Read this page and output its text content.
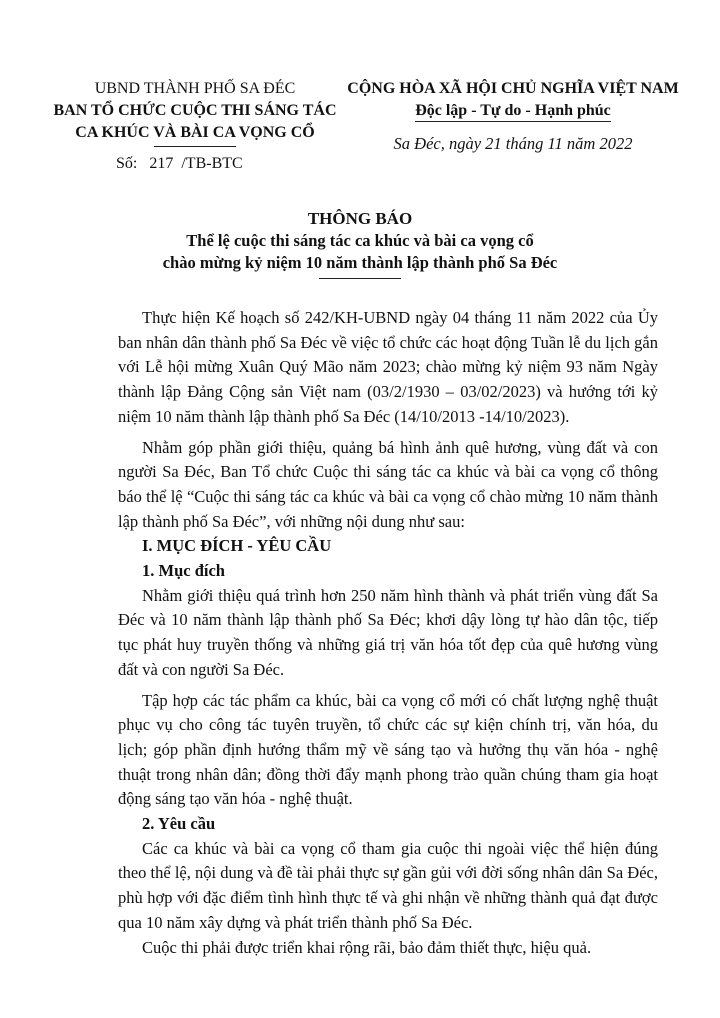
UBND THÀNH PHỐ SA ĐÉC
BAN TỔ CHỨC CUỘC THI SÁNG TÁC
CA KHÚC VÀ BÀI CA VỌNG CỔ
Số:   217  /TB-BTC
CỘNG HÒA XÃ HỘI CHỦ NGHĨA VIỆT NAM
Độc lập - Tự do - Hạnh phúc
Sa Đéc, ngày 21 tháng 11 năm 2022
THÔNG BÁO
Thể lệ cuộc thi sáng tác ca khúc và bài ca vọng cổ
chào mừng kỷ niệm 10 năm thành lập thành phố Sa Đéc

Thực hiện Kế hoạch số 242/KH-UBND ngày 04 tháng 11 năm 2022 của Ủy ban nhân dân thành phố Sa Đéc về việc tổ chức các hoạt động Tuần lễ du lịch gắn với Lễ hội mừng Xuân Quý Mão năm 2023; chào mừng kỷ niệm 93 năm Ngày thành lập Đảng Cộng sản Việt nam (03/2/1930 – 03/02/2023) và hướng tới kỷ niệm 10 năm thành lập thành phố Sa Đéc (14/10/2013 -14/10/2023).

Nhằm góp phần giới thiệu, quảng bá hình ảnh quê hương, vùng đất và con người Sa Đéc, Ban Tổ chức Cuộc thi sáng tác ca khúc và bài ca vọng cổ thông báo thể lệ “Cuộc thi sáng tác ca khúc và bài ca vọng cổ chào mừng 10 năm thành lập thành phố Sa Đéc”, với những nội dung như sau:

I. MỤC ĐÍCH - YÊU CẦU

1. Mục đích

Nhằm giới thiệu quá trình hơn 250 năm hình thành và phát triển vùng đất Sa Đéc và 10 năm thành lập thành phố Sa Đéc; khơi dậy lòng tự hào dân tộc, tiếp tục phát huy truyền thống và những giá trị văn hóa tốt đẹp của quê hương vùng đất và con người Sa Đéc.

Tập hợp các tác phẩm ca khúc, bài ca vọng cổ mới có chất lượng nghệ thuật phục vụ cho công tác tuyên truyền, tổ chức các sự kiện chính trị, văn hóa, du lịch; góp phần định hướng thẩm mỹ về sáng tạo và hưởng thụ văn hóa - nghệ thuật trong nhân dân; đồng thời đẩy mạnh phong trào quần chúng tham gia hoạt động sáng tạo văn hóa - nghệ thuật.

2. Yêu cầu

Các ca khúc và bài ca vọng cổ tham gia cuộc thi ngoài việc thể hiện đúng theo thể lệ, nội dung và đề tài phải thực sự gần gủi với đời sống nhân dân Sa Đéc, phù hợp với đặc điểm tình hình thực tế và ghi nhận về những thành quả đạt được qua 10 năm xây dựng và phát triển thành phố Sa Đéc.

Cuộc thi phải được triển khai rộng rãi, bảo đảm thiết thực, hiệu quả.
